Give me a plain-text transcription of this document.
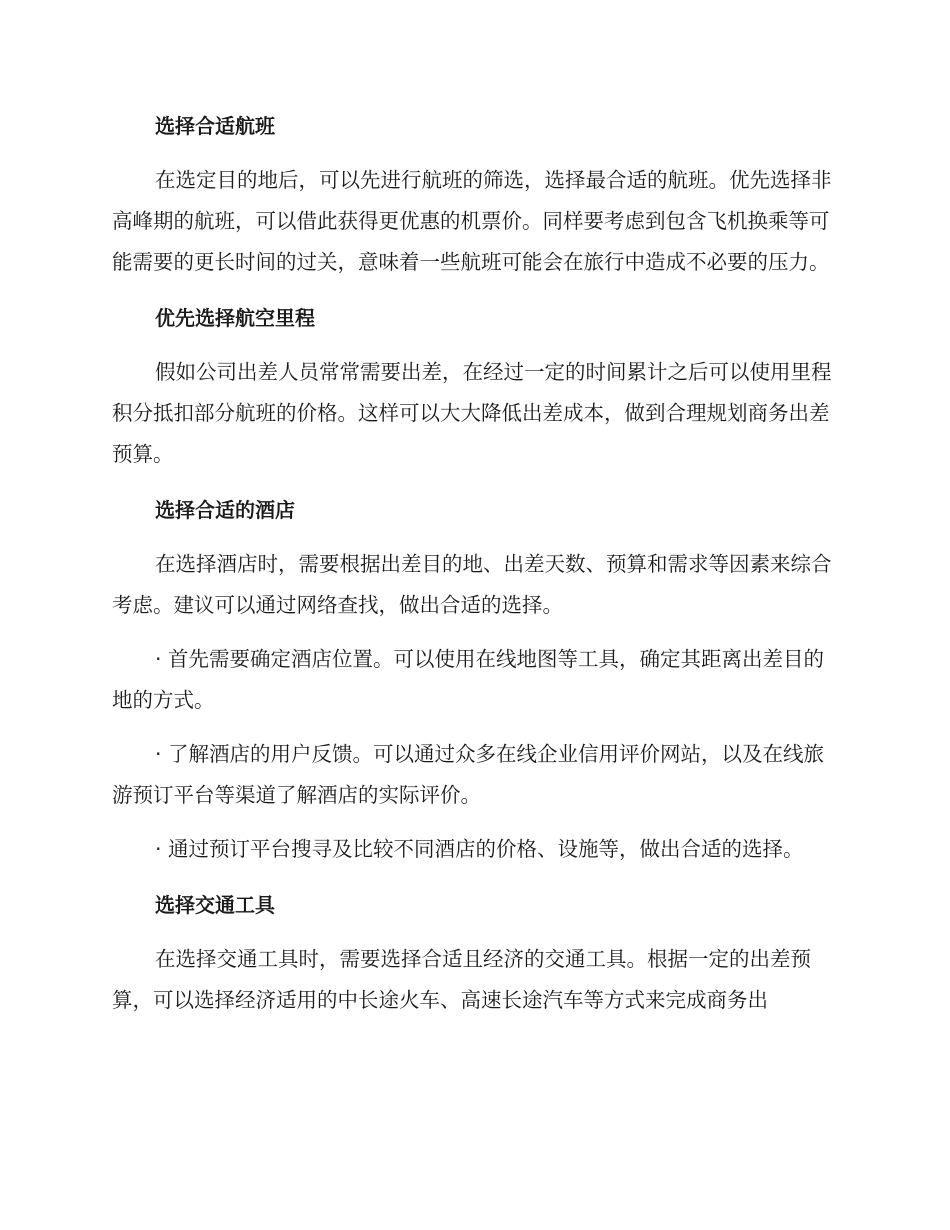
选择合适航班

在选定目的地后，可以先进行航班的筛选，选择最合适的航班。优先选择非高峰期的航班，可以借此获得更优惠的机票价。同样要考虑到包含飞机换乘等可能需要的更长时间的过关，意味着一些航班可能会在旅行中造成不必要的压力。

优先选择航空里程

假如公司出差人员常常需要出差，在经过一定的时间累计之后可以使用里程积分抵扣部分航班的价格。这样可以大大降低出差成本，做到合理规划商务出差预算。

选择合适的酒店

在选择酒店时，需要根据出差目的地、出差天数、预算和需求等因素来综合考虑。建议可以通过网络查找，做出合适的选择。

· 首先需要确定酒店位置。可以使用在线地图等工具，确定其距离出差目的地的方式。

· 了解酒店的用户反馈。可以通过众多在线企业信用评价网站，以及在线旅游预订平台等渠道了解酒店的实际评价。

· 通过预订平台搜寻及比较不同酒店的价格、设施等，做出合适的选择。

选择交通工具

在选择交通工具时，需要选择合适且经济的交通工具。根据一定的出差预算，可以选择经济适用的中长途火车、高速长途汽车等方式来完成商务出
